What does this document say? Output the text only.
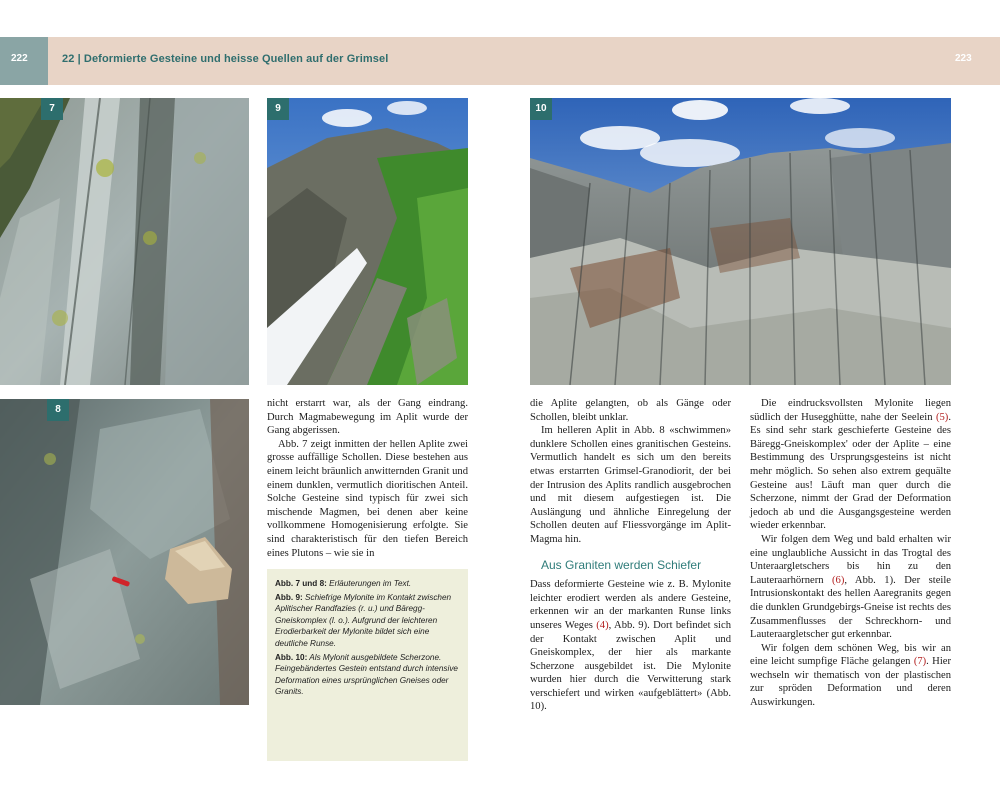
222	22 | Deformierte Gesteine und heisse Quellen auf der Grimsel	223
7
8
9	10

nicht erstarrt war, als der Gang eindrang. Durch Magmabewegung im Aplit wurde der Gang abgerissen.

Abb. 7 zeigt inmitten der hellen Aplite zwei grosse auffällige Schollen. Diese bestehen aus einem leicht bräunlich anwitternden Granit und einem dunklen, vermutlich dioritischen Anteil. Solche Gesteine sind typisch für zwei sich mischende Magmen, bei denen aber keine vollkommene Homogenisierung erfolgte. Sie sind charakteristisch für den tiefen Bereich eines Plutons – wie sie in

Abb. 7 und 8: Erläuterungen im Text.

Abb. 9: Schiefrige Mylonite im Kontakt zwischen Aplitischer Randfazies (r. u.) und Bäregg-Gneiskomplex (l. o.). Aufgrund der leichteren Erodierbarkeit der Mylonite bildet sich eine deutliche Runse.

Abb. 10: Als Mylonit ausgebildete Scherzone. Feingebändertes Gestein entstand durch intensive Deformation eines ursprünglichen Gneises oder Granits.

die Aplite gelangten, ob als Gänge oder Schollen, bleibt unklar.

Im helleren Aplit in Abb. 8 «schwimmen» dunklere Schollen eines granitischen Gesteins. Vermutlich handelt es sich um den bereits etwas erstarrten Grimsel-Granodiorit, der bei der Intrusion des Aplits randlich ausgebrochen und mit diesem aufgestiegen ist. Die Auslängung und ähnliche Einregelung der Schollen deuten auf Fliessvorgänge im Aplit-Magma hin.

Aus Graniten werden Schiefer

Dass deformierte Gesteine wie z. B. Mylonite leichter erodiert werden als andere Gesteine, erkennen wir an der markanten Runse links unseres Weges (4), Abb. 9). Dort befindet sich der Kontakt zwischen Aplit und Gneiskomplex, der hier als markante Scherzone ausgebildet ist. Die Mylonite wurden hier durch die Verwitterung stark verschiefert und wirken «aufgeblättert» (Abb. 10).

Die eindrucksvollsten Mylonite liegen südlich der Husegghütte, nahe der Seelein (5). Es sind sehr stark geschieferte Gesteine des Bäregg-Gneiskomplex' oder der Aplite – eine Bestimmung des Ursprungsgesteins ist nicht mehr möglich. So sehen also extrem gequälte Gesteine aus! Läuft man quer durch die Scherzone, nimmt der Grad der Deformation jedoch ab und die Ausgangsgesteine werden wieder erkennbar.

Wir folgen dem Weg und bald erhalten wir eine unglaubliche Aussicht in das Trogtal des Unteraargletschers bis hin zu den Lauteraarhörnern (6), Abb. 1). Der steile Intrusionskontakt des hellen Aaregranits gegen die dunklen Grundgebirgs-Gneise ist rechts des Zusammenflusses der Schreckhorn- und Lauteraargletscher gut erkennbar.

Wir folgen dem schönen Weg, bis wir an eine leicht sumpfige Fläche gelangen (7). Hier wechseln wir thematisch von der plastischen zur spröden Deformation und deren Auswirkungen.
